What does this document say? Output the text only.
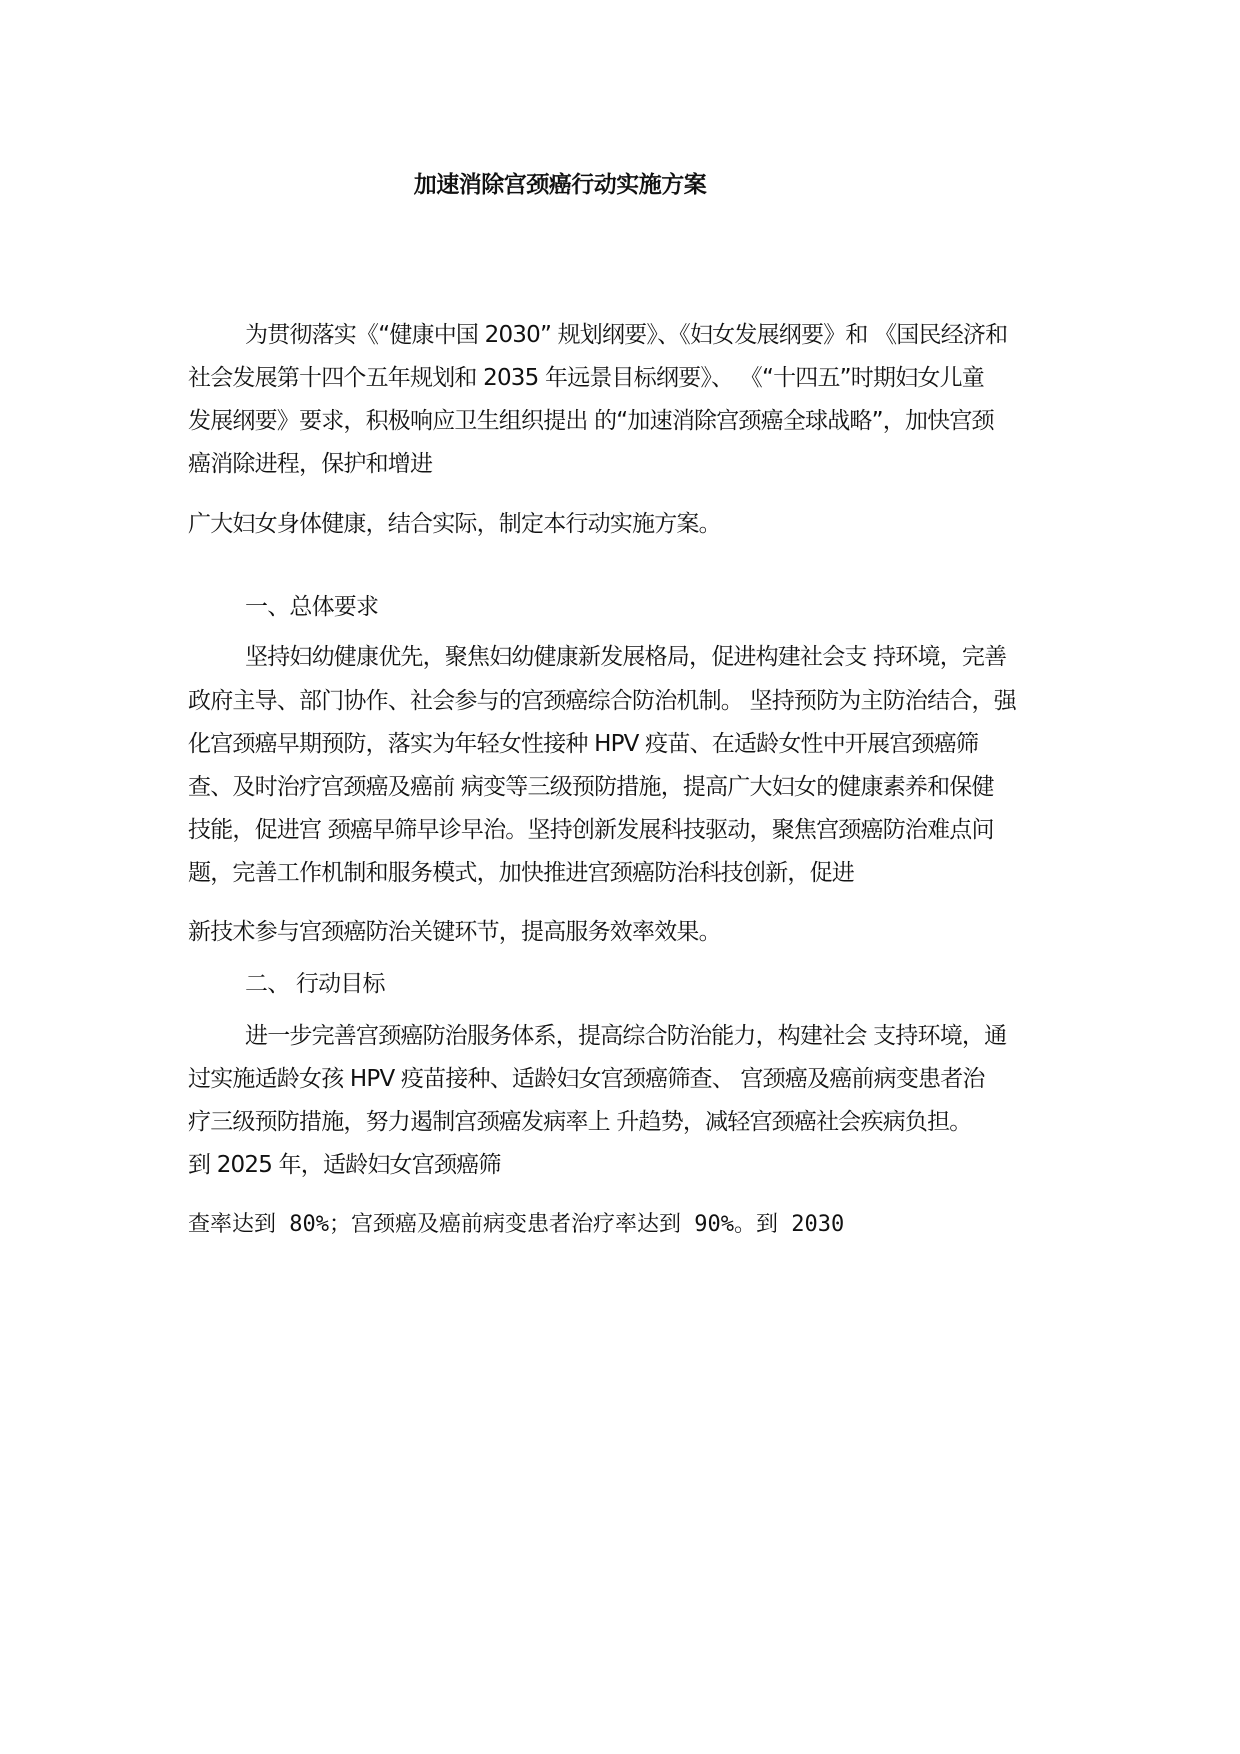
加速消除宫颈癌行动实施方案
为贯彻落实《“健康中国 2030” 规划纲要》、《妇女发展纲要》和 《国民经济和
社会发展第十四个五年规划和 2035 年远景目标纲要》、 《“十四五”时期妇女儿童
发展纲要》要求，积极响应卫生组织提出 的“加速消除宫颈癌全球战略”，加快宫颈
癌消除进程，保护和增进
广大妇女身体健康，结合实际，制定本行动实施方案。
一、总体要求
坚持妇幼健康优先，聚焦妇幼健康新发展格局，促进构建社会支 持环境，完善
政府主导、部门协作、社会参与的宫颈癌综合防治机制。 坚持预防为主防治结合，强
化宫颈癌早期预防，落实为年轻女性接种 HPV 疫苗、在适龄女性中开展宫颈癌筛
查、及时治疗宫颈癌及癌前 病变等三级预防措施，提高广大妇女的健康素养和保健
技能，促进宫 颈癌早筛早诊早治。坚持创新发展科技驱动，聚焦宫颈癌防治难点问
题，完善工作机制和服务模式，加快推进宫颈癌防治科技创新，促进
新技术参与宫颈癌防治关键环节，提高服务效率效果。
二、 行动目标
进一步完善宫颈癌防治服务体系，提高综合防治能力，构建社会 支持环境，通
过实施适龄女孩 HPV 疫苗接种、适龄妇女宫颈癌筛查、 宫颈癌及癌前病变患者治
疗三级预防措施，努力遏制宫颈癌发病率上 升趋势，减轻宫颈癌社会疾病负担。
到 2025 年，适龄妇女宫颈癌筛
查率达到 80%；宫颈癌及癌前病变患者治疗率达到 90%。到 2030
